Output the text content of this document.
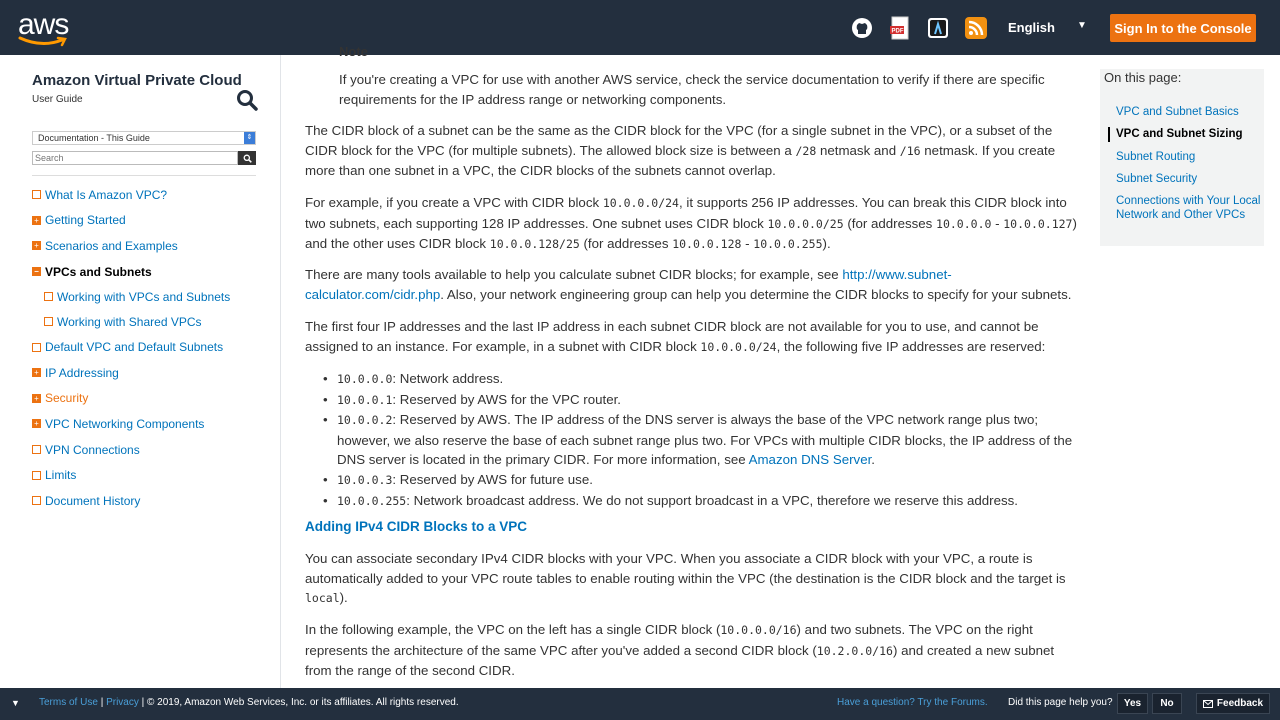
aws	PDF	English ▼	Sign In to the Console
Amazon Virtual Private Cloud
User Guide
Documentation - This Guide	⇕
Search
What Is Amazon VPC?
+ Getting Started
+ Scenarios and Examples
− VPCs and Subnets
Working with VPCs and Subnets
Working with Shared VPCs
Default VPC and Default Subnets
+ IP Addressing
+ Security
+ VPC Networking Components
VPN Connections
Limits
Document History
Note
If you're creating a VPC for use with another AWS service, check the service documentation to verify if there are specific requirements for the IP address range or networking components.

The CIDR block of a subnet can be the same as the CIDR block for the VPC (for a single subnet in the VPC), or a subset of the CIDR block for the VPC (for multiple subnets). The allowed block size is between a /28 netmask and /16 netmask. If you create more than one subnet in a VPC, the CIDR blocks of the subnets cannot overlap.

For example, if you create a VPC with CIDR block 10.0.0.0/24, it supports 256 IP addresses. You can break this CIDR block into two subnets, each supporting 128 IP addresses. One subnet uses CIDR block 10.0.0.0/25 (for addresses 10.0.0.0 - 10.0.0.127) and the other uses CIDR block 10.0.0.128/25 (for addresses 10.0.0.128 - 10.0.0.255).

There are many tools available to help you calculate subnet CIDR blocks; for example, see http://www.subnet-calculator.com/cidr.php. Also, your network engineering group can help you determine the CIDR blocks to specify for your subnets.

The first four IP addresses and the last IP address in each subnet CIDR block are not available for you to use, and cannot be assigned to an instance. For example, in a subnet with CIDR block 10.0.0.0/24, the following five IP addresses are reserved:

• 10.0.0.0: Network address.
• 10.0.0.1: Reserved by AWS for the VPC router.
• 10.0.0.2: Reserved by AWS. The IP address of the DNS server is always the base of the VPC network range plus two; however, we also reserve the base of each subnet range plus two. For VPCs with multiple CIDR blocks, the IP address of the DNS server is located in the primary CIDR. For more information, see Amazon DNS Server.
• 10.0.0.3: Reserved by AWS for future use.
• 10.0.0.255: Network broadcast address. We do not support broadcast in a VPC, therefore we reserve this address.
Adding IPv4 CIDR Blocks to a VPC

You can associate secondary IPv4 CIDR blocks with your VPC. When you associate a CIDR block with your VPC, a route is automatically added to your VPC route tables to enable routing within the VPC (the destination is the CIDR block and the target is local).

In the following example, the VPC on the left has a single CIDR block (10.0.0.0/16) and two subnets. The VPC on the right represents the architecture of the same VPC after you've added a second CIDR block (10.2.0.0/16) and created a new subnet from the range of the second CIDR.

On this page:
VPC and Subnet Basics
VPC and Subnet Sizing
Subnet Routing
Subnet Security
Connections with Your Local Network and Other VPCs
▼ Terms of Use | Privacy | © 2019, Amazon Web Services, Inc. or its affiliates. All rights reserved.	Have a question? Try the Forums. Did this page help you?	Yes	No	Feedback
